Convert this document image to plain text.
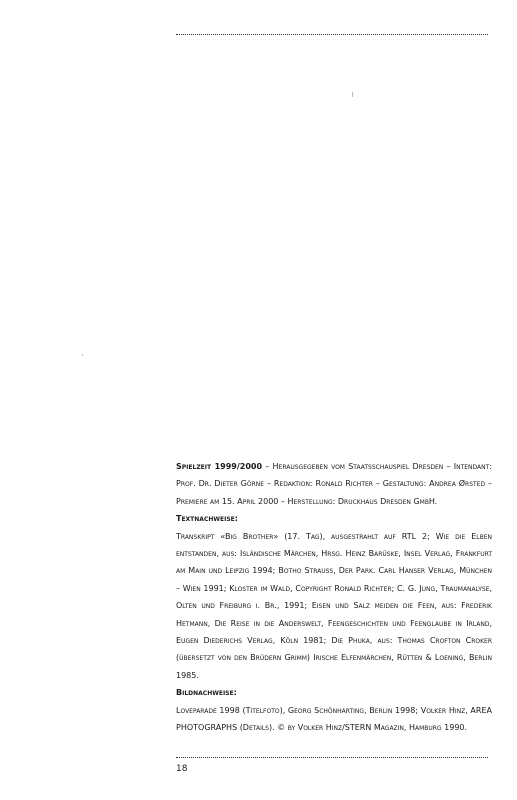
Spielzeit 1999/2000 – Herausgegeben vom Staatsschauspiel Dresden – Intendant: Prof. Dr. Dieter Görne – Redaktion: Ronald Richter – Gestaltung: Andrea Ørsted – Premiere am 15. April 2000 – Herstellung: Druckhaus Dresden GmbH.

Textnachweise:

Transkript «Big Brother» (17. Tag), ausgestrahlt auf RTL 2; Wie die Elben entstanden, aus: Isländische Märchen, Hrsg. Heinz Barüske, Insel Verlag, Frankfurt am Main und Leipzig 1994; Botho Strauss, Der Park. Carl Hanser Verlag, München – Wien 1991; Kloster im Wald, Copyright Ronald Richter; C. G. Jung, Traumanalyse, Olten und Freiburg i. Br., 1991; Eisen und Salz meiden die Feen, aus: Frederik Hetmann, Die Reise in die Anderswelt, Feengeschichten und Feenglaube in Irland, Eugen Diederichs Verlag, Köln 1981; Die Phuka, aus: Thomas Crofton Croker (übersetzt von den Brüdern Grimm) Irische Elfenmärchen, Rütten & Loening, Berlin 1985.

Bildnachweise:

Loveparade 1998 (Titelfoto), Georg Schönharting, Berlin 1998; Volker Hinz, AREA PHOTOGRAPHS (Details). © by Volker Hinz/STERN Magazin, Hamburg 1990.

18
